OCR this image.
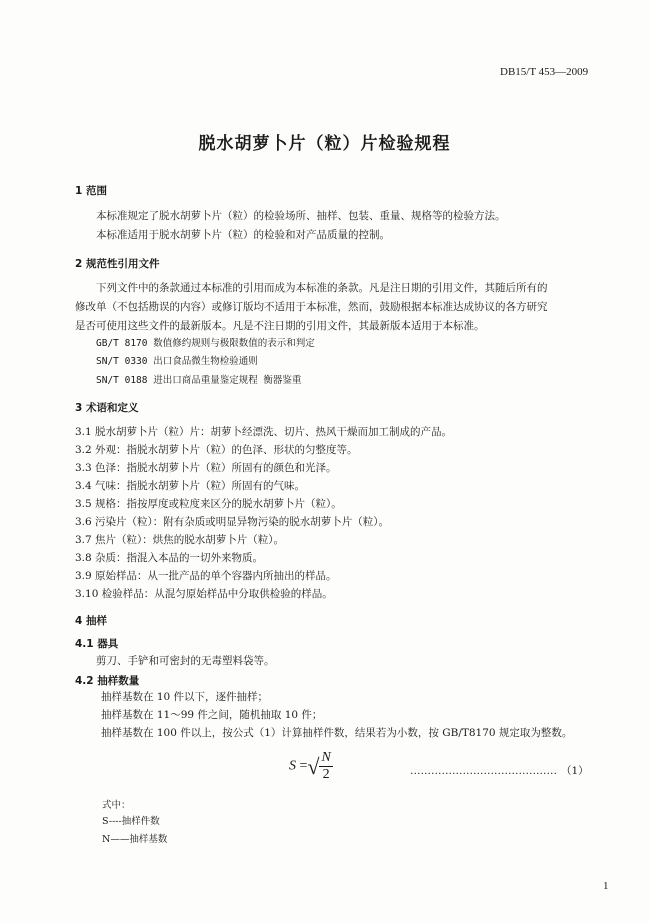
DB15/T 453—2009
脱水胡萝卜片（粒）片检验规程
1 范围
本标准规定了脱水胡萝卜片（粒）的检验场所、抽样、包装、重量、规格等的检验方法。
本标准适用于脱水胡萝卜片（粒）的检验和对产品质量的控制。
2 规范性引用文件
下列文件中的条款通过本标准的引用而成为本标准的条款。凡是注日期的引用文件，其随后所有的
修改单（不包括勘误的内容）或修订版均不适用于本标准，然而，鼓励根据本标准达成协议的各方研究
是否可使用这些文件的最新版本。凡是不注日期的引用文件，其最新版本适用于本标准。
GB/T 8170 数值修约规则与极限数值的表示和判定
SN/T 0330 出口食品微生物检验通则
SN/T 0188 进出口商品重量鉴定规程 衡器鉴重
3 术语和定义
3.1 脱水胡萝卜片（粒）片：胡萝卜经漂洗、切片、热风干燥而加工制成的产品。
3.2 外观：指脱水胡萝卜片（粒）的色泽、形状的匀整度等。
3.3 色泽：指脱水胡萝卜片（粒）所固有的颜色和光泽。
3.4 气味：指脱水胡萝卜片（粒）所固有的气味。
3.5 规格：指按厚度或粒度来区分的脱水胡萝卜片（粒）。
3.6 污染片（粒）：附有杂质或明显异物污染的脱水胡萝卜片（粒）。
3.7 焦片（粒）：烘焦的脱水胡萝卜片（粒）。
3.8 杂质：指混入本品的一切外来物质。
3.9 原始样品：从一批产品的单个容器内所抽出的样品。
3.10 检验样品：从混匀原始样品中分取供检验的样品。
4 抽样
4.1 器具
剪刀、手铲和可密封的无毒塑料袋等。
4.2 抽样数量
抽样基数在 10 件以下，逐件抽样；
抽样基数在 11～99 件之间，随机抽取 10 件；
抽样基数在 100 件以上，按公式（1）计算抽样件数，结果若为小数，按 GB/T8170 规定取为整数。
S =√ $\frac{N}{2}$	…………………………………… （1）
式中：
S----抽样件数
N——抽样基数
1
